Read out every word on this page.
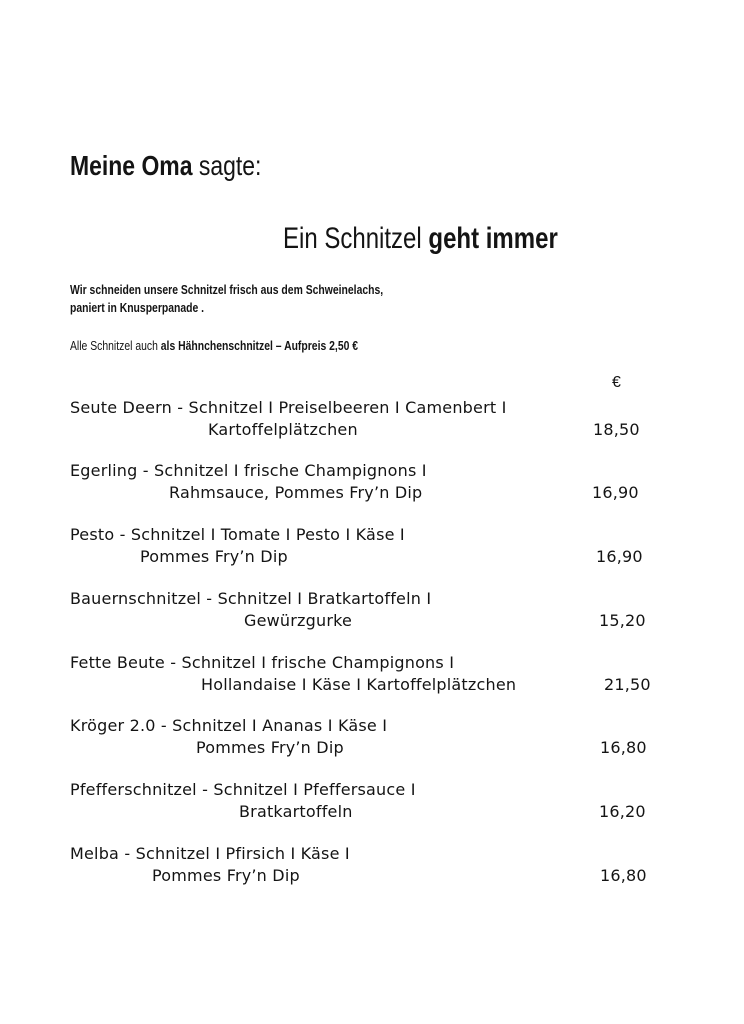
Meine Oma sagte:
Ein Schnitzel geht immer

Wir schneiden unsere Schnitzel frisch aus dem Schweinelachs,
paniert in Knusperpanade .

Alle Schnitzel auch als Hähnchenschnitzel – Aufpreis 2,50 €

€
Seute Deern - Schnitzel I Preiselbeeren I Camenbert I
Kartoffelplätzchen	18,50
Egerling - Schnitzel I frische Champignons I
Rahmsauce, Pommes Fry’n Dip	16,90
Pesto - Schnitzel I Tomate I Pesto I Käse I
Pommes Fry’n Dip	16,90
Bauernschnitzel - Schnitzel I Bratkartoffeln I
Gewürzgurke	15,20
Fette Beute - Schnitzel I frische Champignons I
Hollandaise I Käse I Kartoffelplätzchen	21,50
Kröger 2.0 - Schnitzel I Ananas I Käse I
Pommes Fry’n Dip	16,80
Pfefferschnitzel - Schnitzel I Pfeffersauce I
Bratkartoffeln	16,20
Melba - Schnitzel I Pfirsich I Käse I
Pommes Fry’n Dip	16,80
